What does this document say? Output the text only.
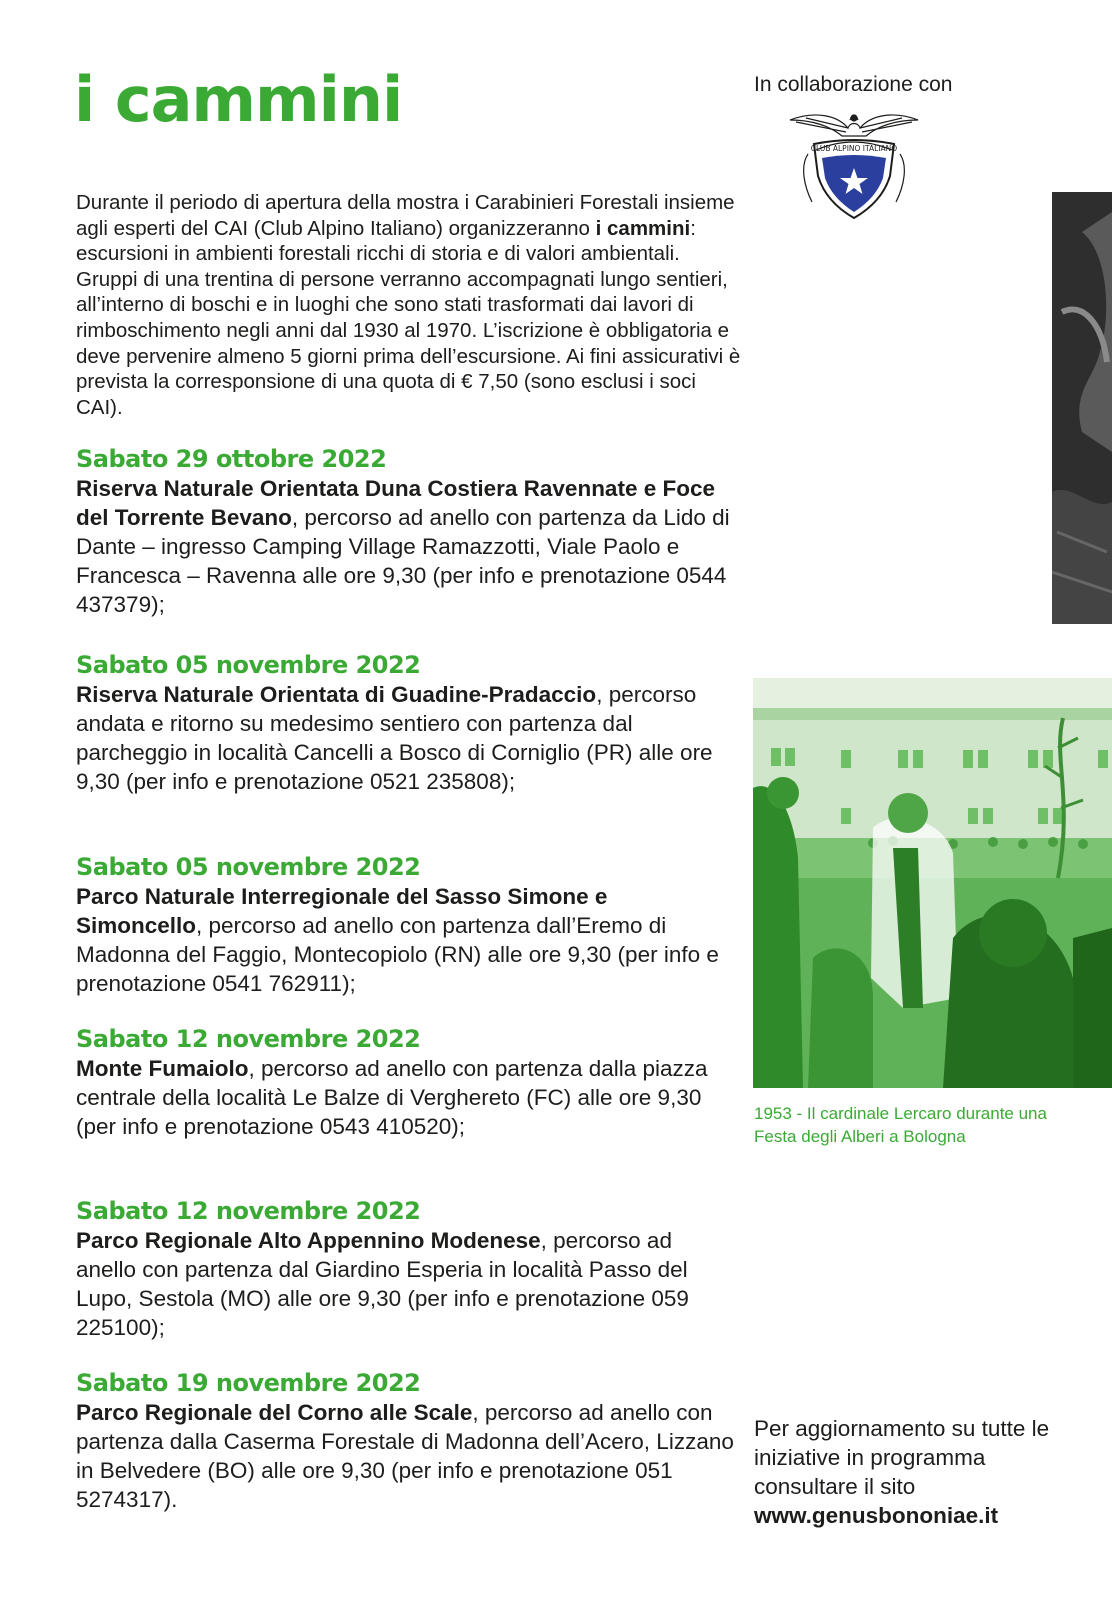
i cammini	In collaborazione con
CLUB ALPINO ITALIANO

Durante il periodo di apertura della mostra i Carabinieri Forestali insieme agli esperti del CAI (Club Alpino Italiano) organizzeranno i cammini: escursioni in ambienti forestali ricchi di storia e di valori ambientali. Gruppi di una trentina di persone verranno accompagnati lungo sentieri, all’interno di boschi e in luoghi che sono stati trasformati dai lavori di rimboschimento negli anni dal 1930 al 1970. L’iscrizione è obbligatoria e deve pervenire almeno 5 giorni prima dell’escursione. Ai fini assicurativi è prevista la corresponsione di una quota di € 7,50 (sono esclusi i soci CAI).

Sabato 29 ottobre 2022
Riserva Naturale Orientata Duna Costiera Ravennate e Foce del Torrente Bevano, percorso ad anello con partenza da Lido di Dante – ingresso Camping Village Ramazzotti, Viale Paolo e Francesca – Ravenna alle ore 9,30 (per info e prenotazione 0544 437379);
Sabato 05 novembre 2022
Riserva Naturale Orientata di Guadine-Pradaccio, percorso andata e ritorno su medesimo sentiero con partenza dal parcheggio in località Cancelli a Bosco di Corniglio (PR) alle ore 9,30 (per info e prenotazione 0521 235808);
Sabato 05 novembre 2022
Parco Naturale Interregionale del Sasso Simone e Simoncello, percorso ad anello con partenza dall’Eremo di Madonna del Faggio, Montecopiolo (RN) alle ore 9,30 (per info e prenotazione 0541 762911);
Sabato 12 novembre 2022
Monte Fumaiolo, percorso ad anello con partenza dalla piazza centrale della località Le Balze di Verghereto (FC) alle ore 9,30 (per info e prenotazione 0543 410520);
Sabato 12 novembre 2022
Parco Regionale Alto Appennino Modenese, percorso ad anello con partenza dal Giardino Esperia in località Passo del Lupo, Sestola (MO) alle ore 9,30 (per info e prenotazione 059 225100);
Sabato 19 novembre 2022
Parco Regionale del Corno alle Scale, percorso ad anello con partenza dalla Caserma Forestale di Madonna dell’Acero, Lizzano in Belvedere (BO) alle ore 9,30 (per info e prenotazione 051 5274317).
1953 - Il cardinale Lercaro durante una Festa degli Alberi a Bologna
Per aggiornamento su tutte le iniziative in programma consultare il sito
www.genusbononiae.it
